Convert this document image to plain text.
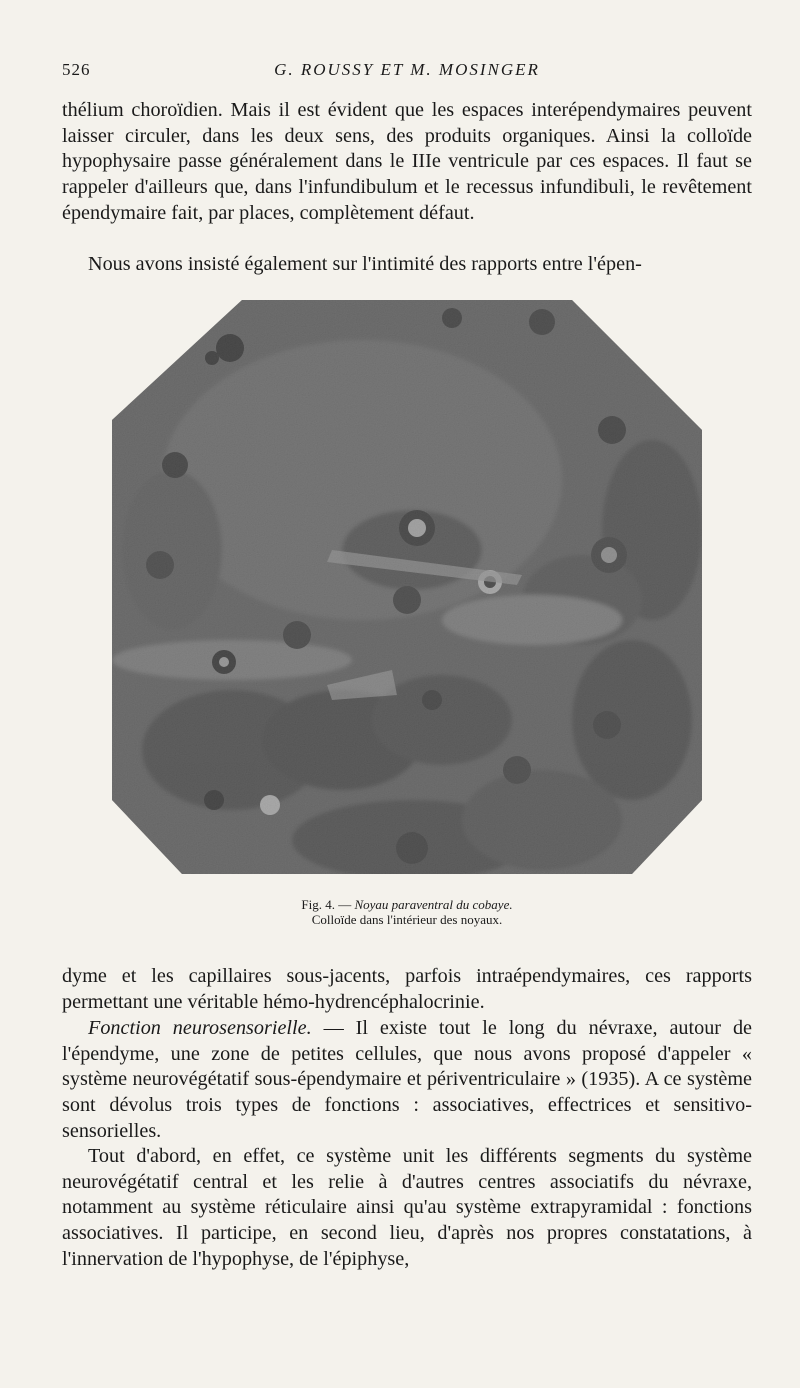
526	G. ROUSSY ET M. MOSINGER

thélium choroïdien. Mais il est évident que les espaces interépendymaires peuvent laisser circuler, dans les deux sens, des produits organiques. Ainsi la colloïde hypophysaire passe généralement dans le IIIe ventricule par ces espaces. Il faut se rappeler d'ailleurs que, dans l'infundibulum et le recessus infundibuli, le revêtement épendymaire fait, par places, complètement défaut.

Nous avons insisté également sur l'intimité des rapports entre l'épen-

Fig. 4. — Noyau paraventral du cobaye.
Colloïde dans l'intérieur des noyaux.

dyme et les capillaires sous-jacents, parfois intraépendymaires, ces rapports permettant une véritable hémo-hydrencéphalocrinie.

Fonction neurosensorielle. — Il existe tout le long du névraxe, autour de l'épendyme, une zone de petites cellules, que nous avons proposé d'appeler « système neurovégétatif sous-épendymaire et périventriculaire » (1935). A ce système sont dévolus trois types de fonctions : associatives, effectrices et sensitivo-sensorielles.

Tout d'abord, en effet, ce système unit les différents segments du système neurovégétatif central et les relie à d'autres centres associatifs du névraxe, notamment au système réticulaire ainsi qu'au système extrapyramidal : fonctions associatives. Il participe, en second lieu, d'après nos propres constatations, à l'innervation de l'hypophyse, de l'épiphyse,
